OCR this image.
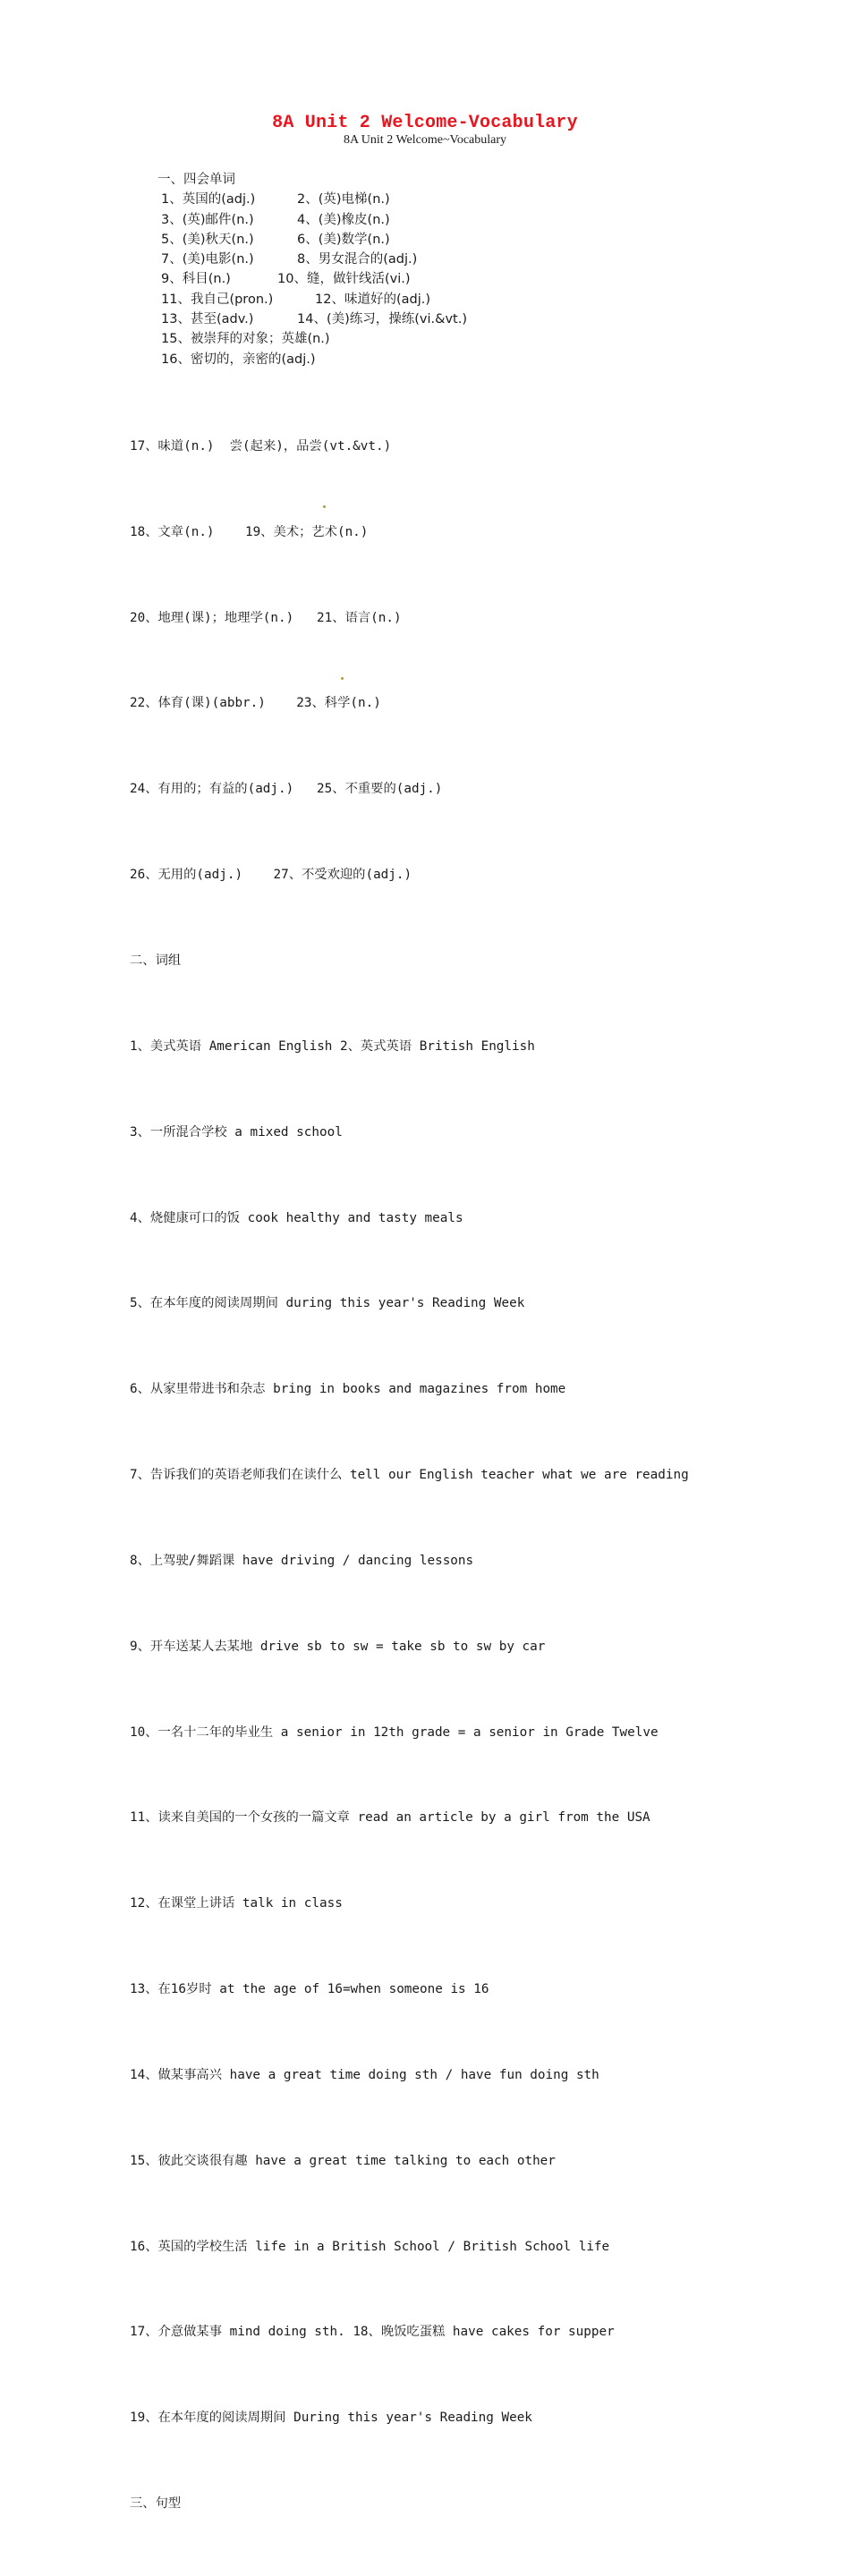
8A Unit 2 Welcome-Vocabulary
8A Unit 2 Welcome~Vocabulary
一、四会单词
1、英国的(adj.)	2、(英)电梯(n.)
3、(英)邮件(n.)	4、(美)橡皮(n.)
5、(美)秋天(n.)	6、(美)数学(n.)
7、(美)电影(n.)	8、男女混合的(adj.)
9、科目(n.)	10、缝，做针线活(vi.)
11、我自己(pron.)	12、味道好的(adj.)
13、甚至(adv.)	14、(美)练习，操练(vi.&vt.)
15、被崇拜的对象；英雄(n.)
16、密切的，亲密的(adj.)

17、味道(n.)  尝(起来)，品尝(vt.&vt.)

18、文章(n.)    19、美术；艺术(n.)

20、地理(课)；地理学(n.)   21、语言(n.)

22、体育(课)(abbr.)    23、科学(n.)

24、有用的；有益的(adj.)   25、不重要的(adj.)

26、无用的(adj.)    27、不受欢迎的(adj.)

二、词组

1、美式英语 American English 2、英式英语 British English

3、一所混合学校 a mixed school

4、烧健康可口的饭 cook healthy and tasty meals

5、在本年度的阅读周期间 during this year's Reading Week

6、从家里带进书和杂志 bring in books and magazines from home

7、告诉我们的英语老师我们在读什么 tell our English teacher what we are reading

8、上驾驶/舞蹈课 have driving / dancing lessons

9、开车送某人去某地 drive sb to sw = take sb to sw by car

10、一名十二年的毕业生 a senior in 12th grade = a senior in Grade Twelve

11、读来自美国的一个女孩的一篇文章 read an article by a girl from the USA

12、在课堂上讲话 talk in class

13、在16岁时 at the age of 16=when someone is 16

14、做某事高兴 have a great time doing sth / have fun doing sth

15、彼此交谈很有趣 have a great time talking to each other

16、英国的学校生活 life in a British School / British School life

17、介意做某事 mind doing sth. 18、晚饭吃蛋糕 have cakes for supper

19、在本年度的阅读周期间 During this year's Reading Week

三、句型
